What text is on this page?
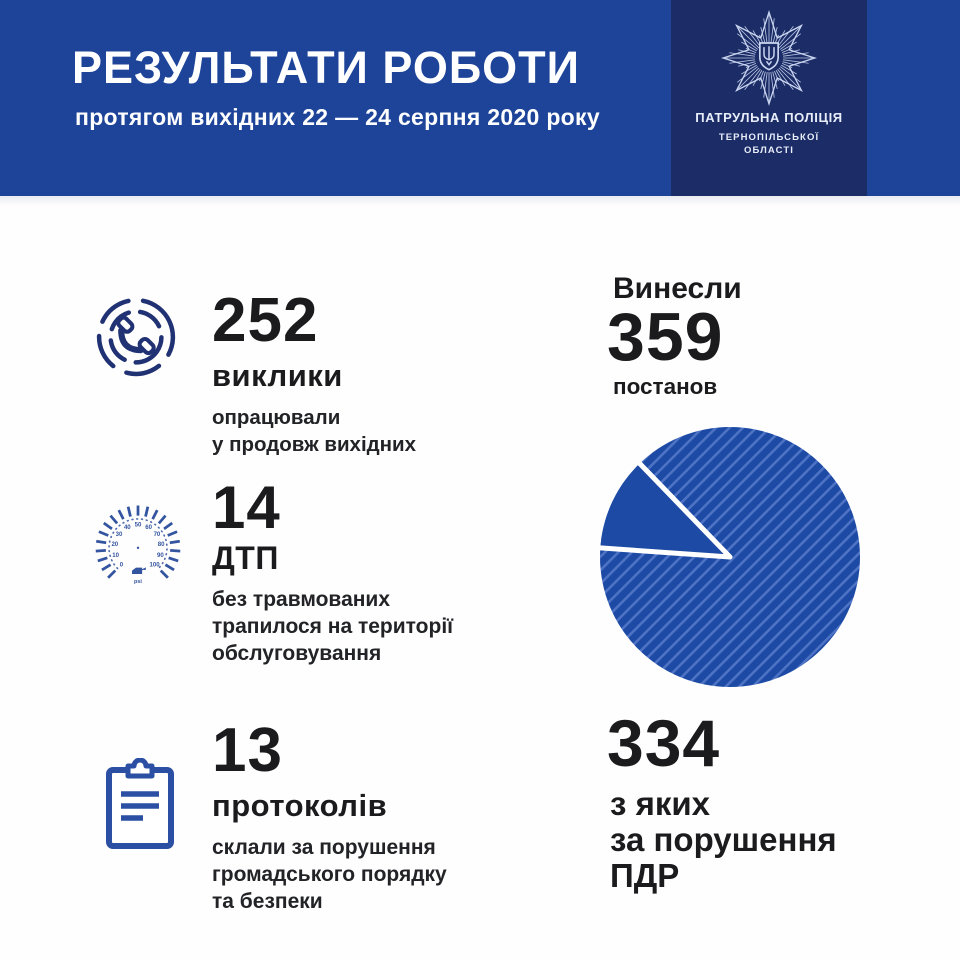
РЕЗУЛЬТАТИ РОБОТИ
протягом вихідних 22 — 24 серпня 2020 року	ПАТРУЛЬНА ПОЛІЦІЯ
ТЕРНОПІЛЬСЬКОЇ
ОБЛАСТІ
252
виклики
опрацювали
у продовж вихідних
0
10
20
30
40 50 60
70
80
90
100
psi
14
ДТП
без травмованих
трапилося на території
обслуговування
13
протоколів
склали за порушення
громадського порядку
та безпеки
Винесли
359
постанов
334
з яких
за порушення
ПДР
